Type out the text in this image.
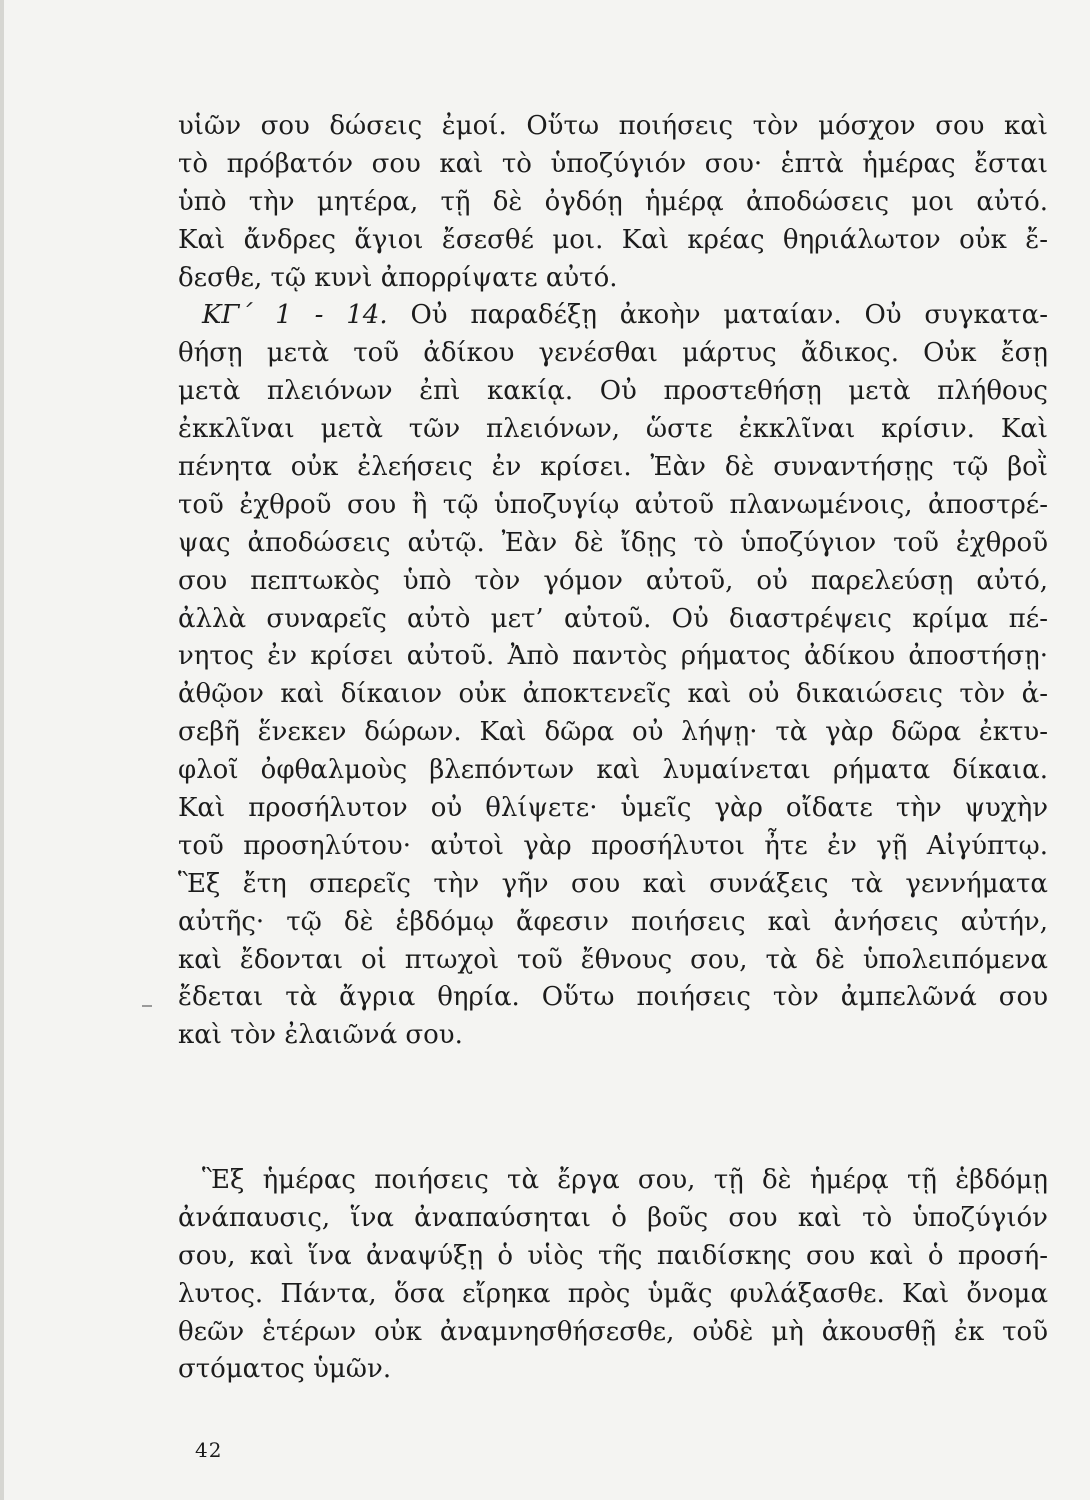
υἱῶν σου δώσεις ἐμοί. Οὕτω ποιήσεις τὸν μόσχον σου καὶ
τὸ πρόβατόν σου καὶ τὸ ὑποζύγιόν σου· ἑπτὰ ἡμέρας ἔσται
ὑπὸ τὴν μητέρα, τῇ δὲ ὀγδόῃ ἡμέρᾳ ἀποδώσεις μοι αὐτό.
Καὶ ἄνδρες ἅγιοι ἔσεσθέ μοι. Καὶ κρέας θηριάλωτον οὐκ ἔ-
δεσθε, τῷ κυνὶ ἀπορρίψατε αὐτό.
ΚΓ´ 1 - 14. Οὐ παραδέξῃ ἀκοὴν ματαίαν. Οὐ συγκατα-
θήσῃ μετὰ τοῦ ἀδίκου γενέσθαι μάρτυς ἄδικος. Οὐκ ἔσῃ
μετὰ πλειόνων ἐπὶ κακίᾳ. Οὐ προστεθήσῃ μετὰ πλήθους
ἐκκλῖναι μετὰ τῶν πλειόνων, ὥστε ἐκκλῖναι κρίσιν. Καὶ
πένητα οὐκ ἐλεήσεις ἐν κρίσει. Ἐὰν δὲ συναντήσῃς τῷ βοῒ
τοῦ ἐχθροῦ σου ἢ τῷ ὑποζυγίῳ αὐτοῦ πλανωμένοις, ἀποστρέ-
ψας ἀποδώσεις αὐτῷ. Ἐὰν δὲ ἴδῃς τὸ ὑποζύγιον τοῦ ἐχθροῦ
σου πεπτωκὸς ὑπὸ τὸν γόμον αὐτοῦ, οὐ παρελεύσῃ αὐτό,
ἀλλὰ συναρεῖς αὐτὸ μετ’ αὐτοῦ. Οὐ διαστρέψεις κρίμα πέ-
νητος ἐν κρίσει αὐτοῦ. Ἀπὸ παντὸς ρήματος ἀδίκου ἀποστήσῃ·
ἀθῷον καὶ δίκαιον οὐκ ἀποκτενεῖς καὶ οὐ δικαιώσεις τὸν ἀ-
σεβῆ ἕνεκεν δώρων. Καὶ δῶρα οὐ λήψῃ· τὰ γὰρ δῶρα ἐκτυ-
φλοῖ ὀφθαλμοὺς βλεπόντων καὶ λυμαίνεται ρήματα δίκαια.
Καὶ προσήλυτον οὐ θλίψετε· ὑμεῖς γὰρ οἴδατε τὴν ψυχὴν
τοῦ προσηλύτου· αὐτοὶ γὰρ προσήλυτοι ἦτε ἐν γῇ Αἰγύπτῳ.
Ἓξ ἔτη σπερεῖς τὴν γῆν σου καὶ συνάξεις τὰ γεννήματα
αὐτῆς· τῷ δὲ ἑβδόμῳ ἄφεσιν ποιήσεις καὶ ἀνήσεις αὐτήν,
καὶ ἔδονται οἱ πτωχοὶ τοῦ ἔθνους σου, τὰ δὲ ὑπολειπόμενα
ἔδεται τὰ ἄγρια θηρία. Οὕτω ποιήσεις τὸν ἀμπελῶνά σου
καὶ τὸν ἐλαιῶνά σου.
Ἓξ ἡμέρας ποιήσεις τὰ ἔργα σου, τῇ δὲ ἡμέρᾳ τῇ ἑβδόμῃ
ἀνάπαυσις, ἵνα ἀναπαύσηται ὁ βοῦς σου καὶ τὸ ὑποζύγιόν
σου, καὶ ἵνα ἀναψύξῃ ὁ υἱὸς τῆς παιδίσκης σου καὶ ὁ προσή-
λυτος. Πάντα, ὅσα εἴρηκα πρὸς ὑμᾶς φυλάξασθε. Καὶ ὄνομα
θεῶν ἑτέρων οὐκ ἀναμνησθήσεσθε, οὐδὲ μὴ ἀκουσθῇ ἐκ τοῦ
στόματος ὑμῶν.
42
